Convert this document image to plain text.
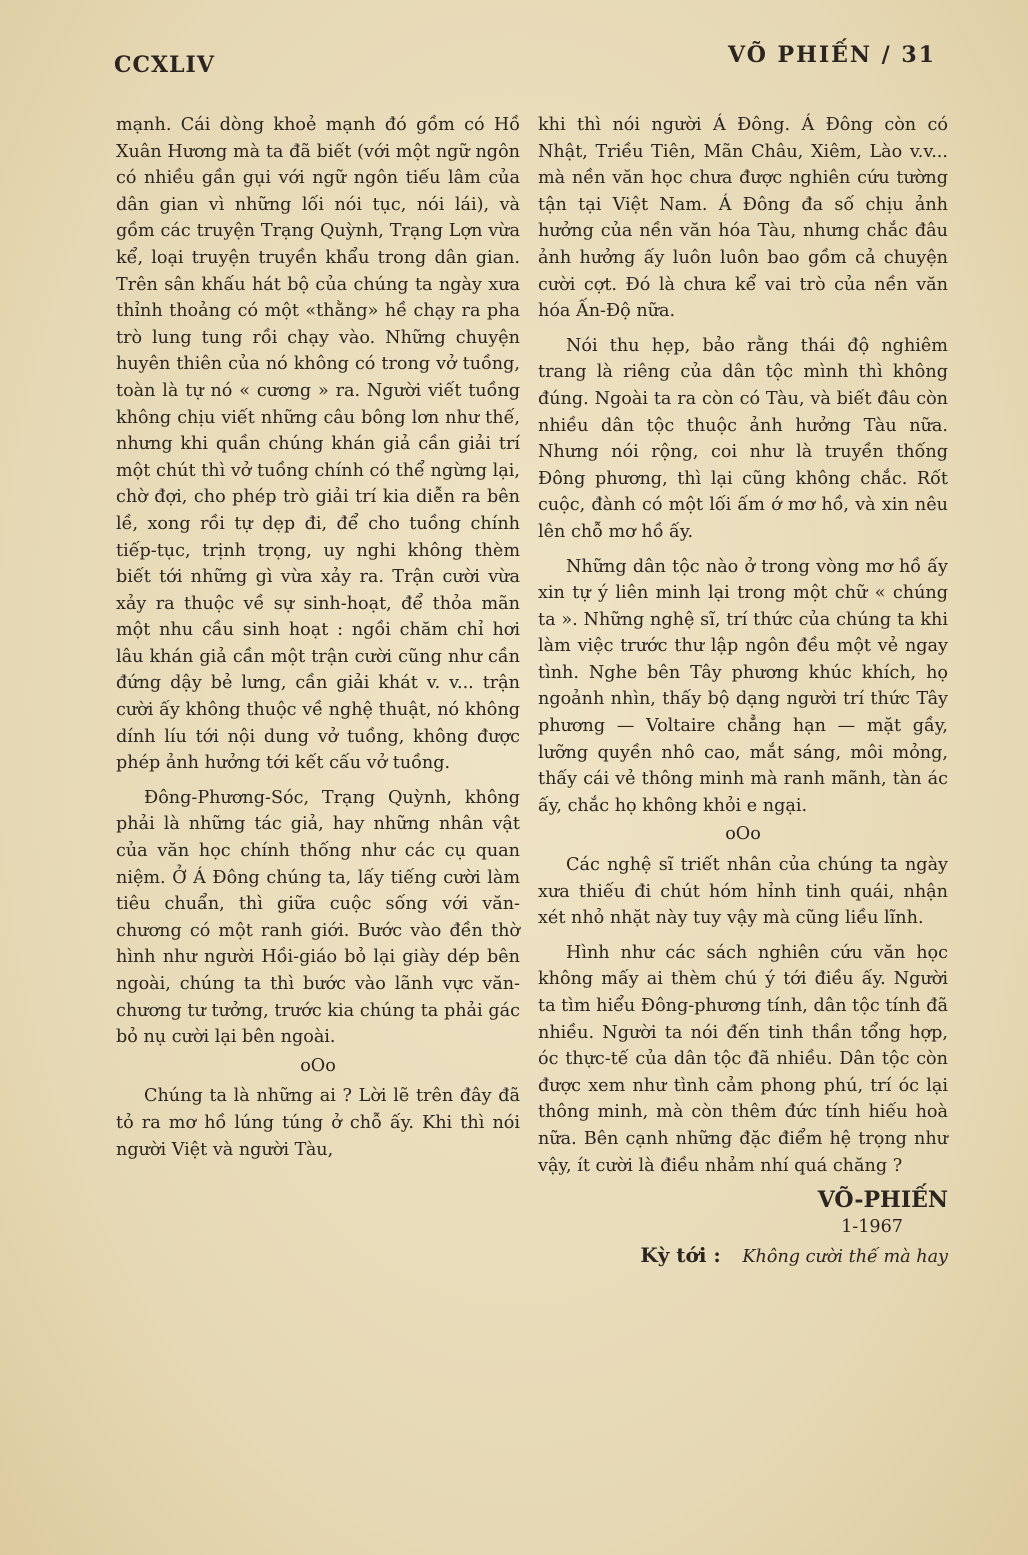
CCXLIV	VÕ PHIẾN / 31

mạnh. Cái dòng khoẻ mạnh đó gồm có Hồ Xuân Hương mà ta đã biết (với một ngữ ngôn có nhiều gần gụi với ngữ ngôn tiếu lâm của dân gian vì những lối nói tục, nói lái), và gồm các truyện Trạng Quỳnh, Trạng Lợn vừa kể, loại truyện truyền khẩu trong dân gian. Trên sân khấu hát bộ của chúng ta ngày xưa thỉnh thoảng có một «thằng» hề chạy ra pha trò lung tung rồi chạy vào. Những chuyện huyên thiên của nó không có trong vở tuồng, toàn là tự nó « cương » ra. Người viết tuồng không chịu viết những câu bông lơn như thế, nhưng khi quần chúng khán giả cần giải trí một chút thì vở tuồng chính có thể ngừng lại, chờ đợi, cho phép trò giải trí kia diễn ra bên lề, xong rồi tự dẹp đi, để cho tuồng chính tiếp-tục, trịnh trọng, uy nghi không thèm biết tới những gì vừa xảy ra. Trận cười vừa xảy ra thuộc về sự sinh-hoạt, để thỏa mãn một nhu cầu sinh hoạt : ngồi chăm chỉ hơi lâu khán giả cần một trận cười cũng như cần đứng dậy bẻ lưng, cần giải khát v. v... trận cười ấy không thuộc về nghệ thuật, nó không dính líu tới nội dung vở tuồng, không được phép ảnh hưởng tới kết cấu vở tuồng.

Đông-Phương-Sóc, Trạng Quỳnh, không phải là những tác giả, hay những nhân vật của văn học chính thống như các cụ quan niệm. Ở Á Đông chúng ta, lấy tiếng cười làm tiêu chuẩn, thì giữa cuộc sống với văn-chương có một ranh giới. Bước vào đền thờ hình như người Hồi-giáo bỏ lại giày dép bên ngoài, chúng ta thì bước vào lãnh vực văn-chương tư tưởng, trước kia chúng ta phải gác bỏ nụ cười lại bên ngoài.

oOo

Chúng ta là những ai ? Lời lẽ trên đây đã tỏ ra mơ hồ lúng túng ở chỗ ấy. Khi thì nói người Việt và người Tàu,

khi thì nói người Á Đông. Á Đông còn có Nhật, Triều Tiên, Mãn Châu, Xiêm, Lào v.v... mà nền văn học chưa được nghiên cứu tường tận tại Việt Nam. Á Đông đa số chịu ảnh hưởng của nền văn hóa Tàu, nhưng chắc đâu ảnh hưởng ấy luôn luôn bao gồm cả chuyện cười cợt. Đó là chưa kể vai trò của nền văn hóa Ấn-Độ nữa.

Nói thu hẹp, bảo rằng thái độ nghiêm trang là riêng của dân tộc mình thì không đúng. Ngoài ta ra còn có Tàu, và biết đâu còn nhiều dân tộc thuộc ảnh hưởng Tàu nữa. Nhưng nói rộng, coi như là truyền thống Đông phương, thì lại cũng không chắc. Rốt cuộc, đành có một lối ấm ớ mơ hồ, và xin nêu lên chỗ mơ hồ ấy.

Những dân tộc nào ở trong vòng mơ hồ ấy xin tự ý liên minh lại trong một chữ « chúng ta ». Những nghệ sĩ, trí thức của chúng ta khi làm việc trước thư lập ngôn đều một vẻ ngay tình. Nghe bên Tây phương khúc khích, họ ngoảnh nhìn, thấy bộ dạng người trí thức Tây phương — Voltaire chẳng hạn — mặt gầy, lưỡng quyền nhô cao, mắt sáng, môi mỏng, thấy cái vẻ thông minh mà ranh mãnh, tàn ác ấy, chắc họ không khỏi e ngại.

oOo

Các nghệ sĩ triết nhân của chúng ta ngày xưa thiếu đi chút hóm hỉnh tinh quái, nhận xét nhỏ nhặt này tuy vậy mà cũng liều lĩnh.

Hình như các sách nghiên cứu văn học không mấy ai thèm chú ý tới điều ấy. Người ta tìm hiểu Đông-phương tính, dân tộc tính đã nhiều. Người ta nói đến tinh thần tổng hợp, óc thực-tế của dân tộc đã nhiều. Dân tộc còn được xem như tình cảm phong phú, trí óc lại thông minh, mà còn thêm đức tính hiếu hoà nữa. Bên cạnh những đặc điểm hệ trọng như vậy, ít cười là điều nhảm nhí quá chăng ?

VÕ-PHIẾN

1-1967

Kỳ tới : Không cười thế mà hay
